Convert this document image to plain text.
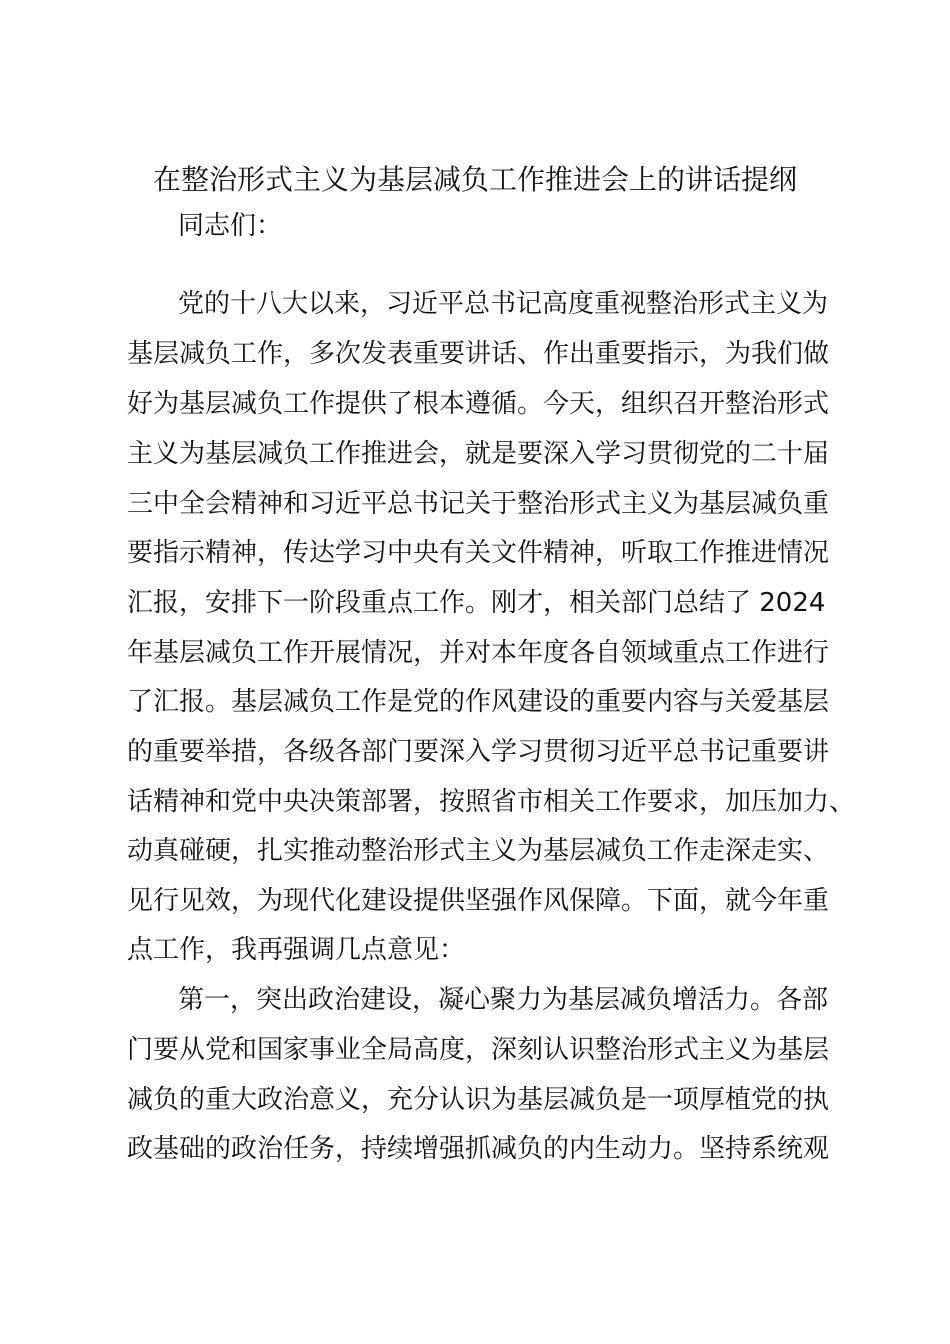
在整治形式主义为基层减负工作推进会上的讲话提纲
同志们：
党的十八大以来，习近平总书记高度重视整治形式主义为
基层减负工作，多次发表重要讲话、作出重要指示，为我们做
好为基层减负工作提供了根本遵循。今天，组织召开整治形式
主义为基层减负工作推进会，就是要深入学习贯彻党的二十届
三中全会精神和习近平总书记关于整治形式主义为基层减负重
要指示精神，传达学习中央有关文件精神，听取工作推进情况
汇报，安排下一阶段重点工作。刚才，相关部门总结了 2024
年基层减负工作开展情况，并对本年度各自领域重点工作进行
了汇报。基层减负工作是党的作风建设的重要内容与关爱基层
的重要举措，各级各部门要深入学习贯彻习近平总书记重要讲
话精神和党中央决策部署，按照省市相关工作要求，加压加力、
动真碰硬，扎实推动整治形式主义为基层减负工作走深走实、
见行见效，为现代化建设提供坚强作风保障。下面，就今年重
点工作，我再强调几点意见：
第一，突出政治建设，凝心聚力为基层减负增活力。各部
门要从党和国家事业全局高度，深刻认识整治形式主义为基层
减负的重大政治意义，充分认识为基层减负是一项厚植党的执
政基础的政治任务，持续增强抓减负的内生动力。坚持系统观
